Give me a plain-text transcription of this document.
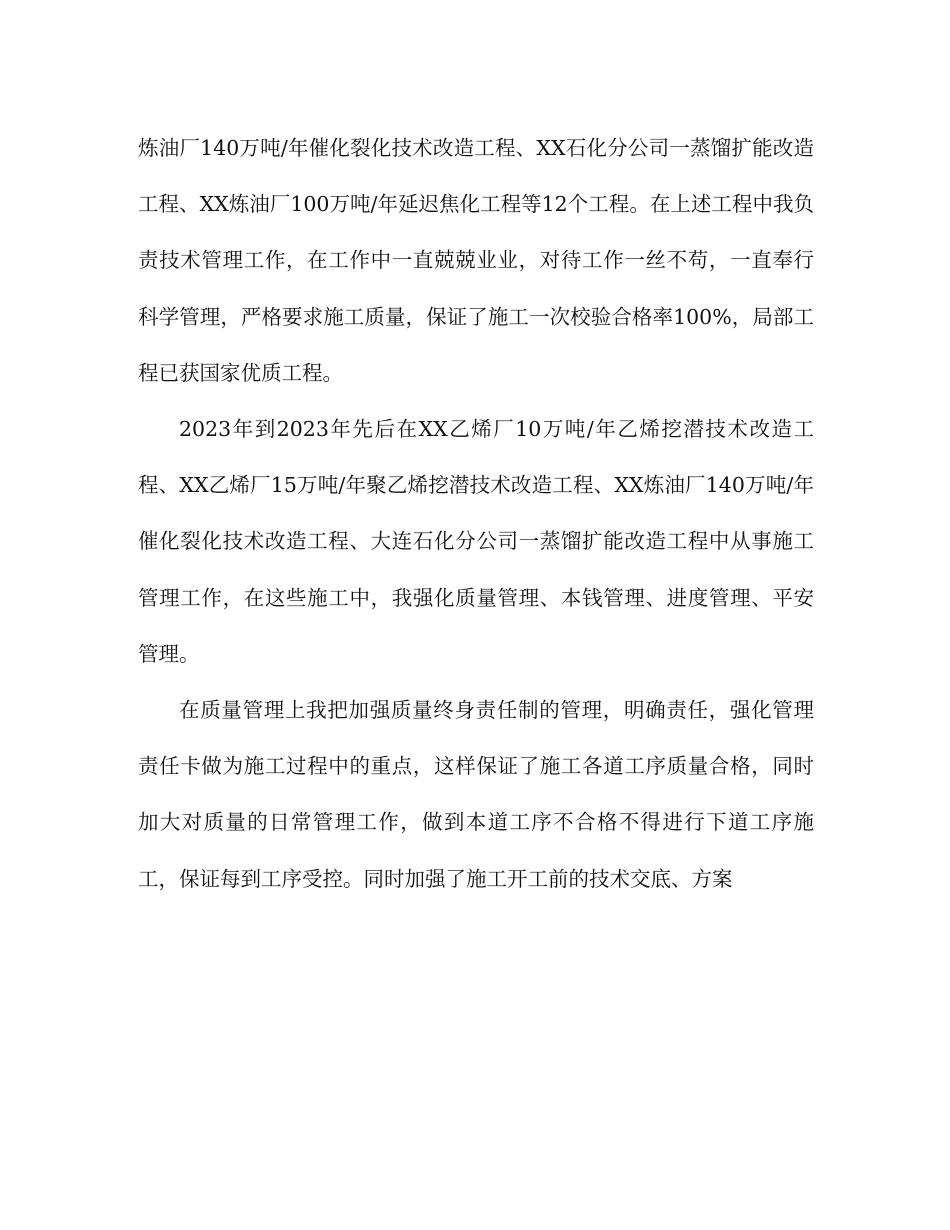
炼油厂140万吨/年催化裂化技术改造工程、XX石化分公司一蒸馏扩能改造工程、XX炼油厂100万吨/年延迟焦化工程等12个工程。在上述工程中我负责技术管理工作，在工作中一直兢兢业业，对待工作一丝不苟，一直奉行科学管理，严格要求施工质量，保证了施工一次校验合格率100%，局部工程已获国家优质工程。

2023年到2023年先后在XX乙烯厂10万吨/年乙烯挖潜技术改造工程、XX乙烯厂15万吨/年聚乙烯挖潜技术改造工程、XX炼油厂140万吨/年催化裂化技术改造工程、大连石化分公司一蒸馏扩能改造工程中从事施工管理工作，在这些施工中，我强化质量管理、本钱管理、进度管理、平安管理。

在质量管理上我把加强质量终身责任制的管理，明确责任，强化管理责任卡做为施工过程中的重点，这样保证了施工各道工序质量合格，同时加大对质量的日常管理工作，做到本道工序不合格不得进行下道工序施工，保证每到工序受控。同时加强了施工开工前的技术交底、方案
